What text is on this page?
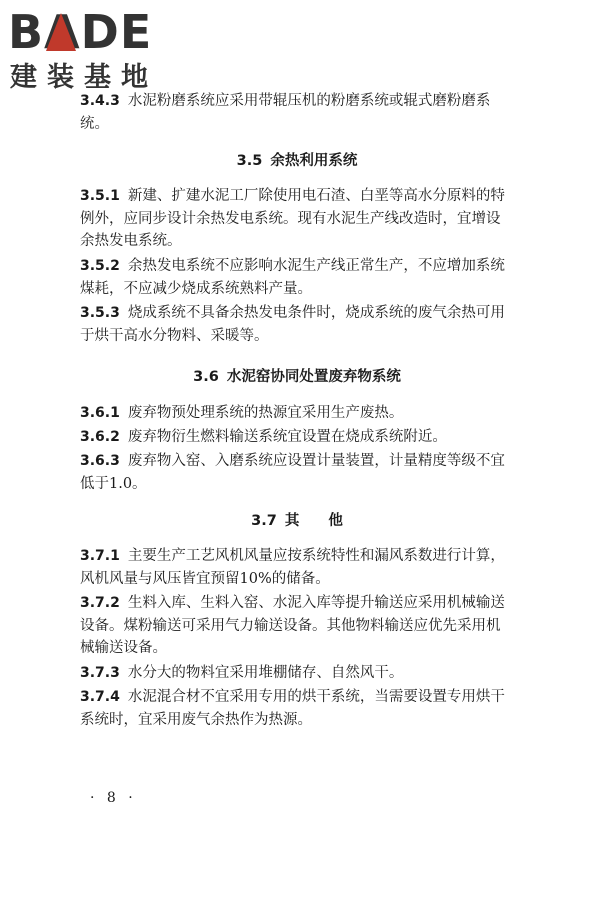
BADE
建装基地
3.4.3 水泥粉磨系统应采用带辊压机的粉磨系统或辊式磨粉磨系统。
3.5 余热利用系统
3.5.1 新建、扩建水泥工厂除使用电石渣、白垩等高水分原料的特例外，应同步设计余热发电系统。现有水泥生产线改造时，宜增设余热发电系统。
3.5.2 余热发电系统不应影响水泥生产线正常生产，不应增加系统煤耗，不应减少烧成系统熟料产量。
3.5.3 烧成系统不具备余热发电条件时，烧成系统的废气余热可用于烘干高水分物料、采暖等。
3.6 水泥窑协同处置废弃物系统
3.6.1 废弃物预处理系统的热源宜采用生产废热。
3.6.2 废弃物衍生燃料输送系统宜设置在烧成系统附近。
3.6.3 废弃物入窑、入磨系统应设置计量装置，计量精度等级不宜低于1.0。
3.7 其　　他
3.7.1 主要生产工艺风机风量应按系统特性和漏风系数进行计算，风机风量与风压皆宜预留10%的储备。
3.7.2 生料入库、生料入窑、水泥入库等提升输送应采用机械输送设备。煤粉输送可采用气力输送设备。其他物料输送应优先采用机械输送设备。
3.7.3 水分大的物料宜采用堆棚储存、自然风干。
3.7.4 水泥混合材不宜采用专用的烘干系统，当需要设置专用烘干系统时，宜采用废气余热作为热源。
· 8 ·
